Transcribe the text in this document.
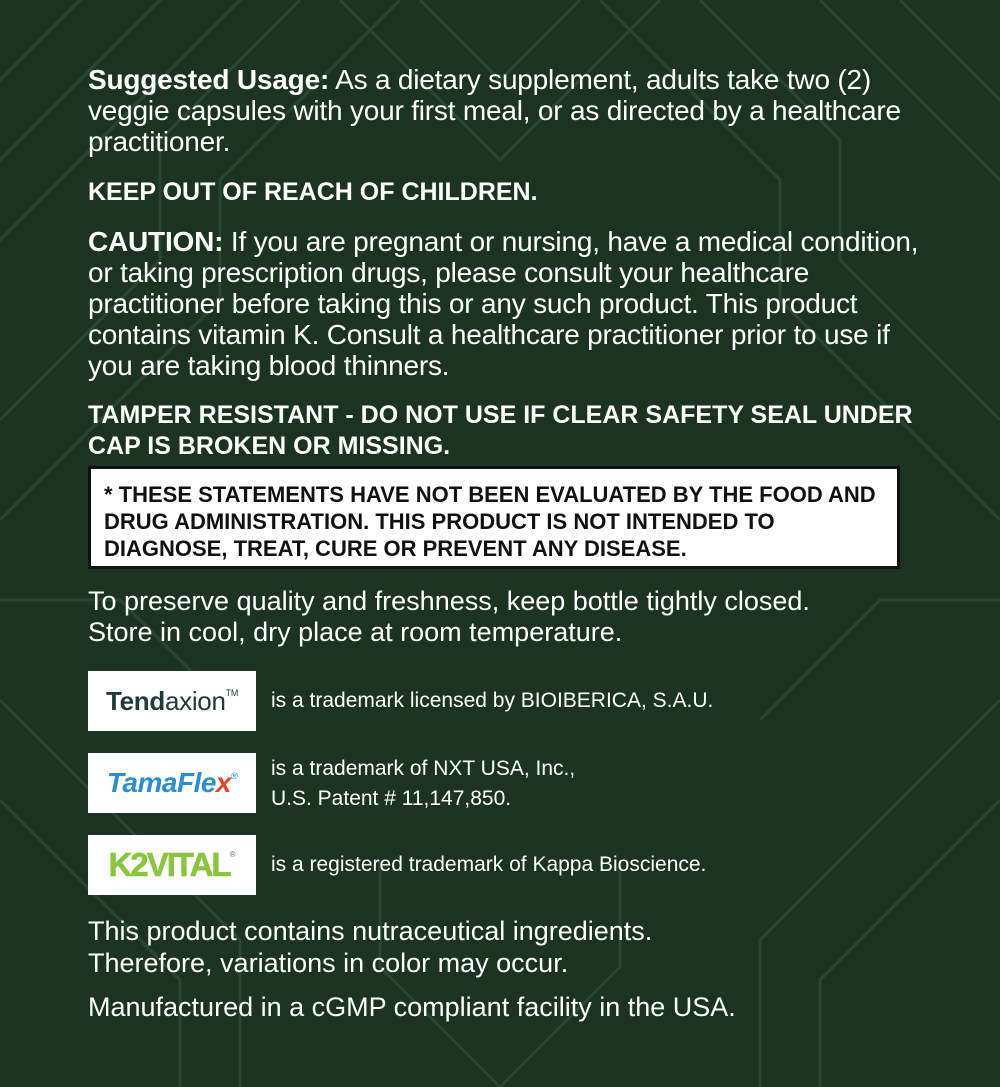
Suggested Usage: As a dietary supplement, adults take two (2) veggie capsules with your first meal, or as directed by a healthcare practitioner.

KEEP OUT OF REACH OF CHILDREN.

CAUTION: If you are pregnant or nursing, have a medical condition, or taking prescription drugs, please consult your healthcare practitioner before taking this or any such product. This product contains vitamin K. Consult a healthcare practitioner prior to use if you are taking blood thinners.

TAMPER RESISTANT - DO NOT USE IF CLEAR SAFETY SEAL UNDER CAP IS BROKEN OR MISSING.

* THESE STATEMENTS HAVE NOT BEEN EVALUATED BY THE FOOD AND DRUG ADMINISTRATION. THIS PRODUCT IS NOT INTENDED TO DIAGNOSE, TREAT, CURE OR PREVENT ANY DISEASE.
To preserve quality and freshness, keep bottle tightly closed.
Store in cool, dry place at room temperature.
Tendaxion™ is a trademark licensed by BIOIBERICA, S.A.U.
TamaFlex® is a trademark of NXT USA, Inc.,
U.S. Patent # 11,147,850.
K2VITAL® is a registered trademark of Kappa Bioscience.
This product contains nutraceutical ingredients.
Therefore, variations in color may occur.
Manufactured in a cGMP compliant facility in the USA.
